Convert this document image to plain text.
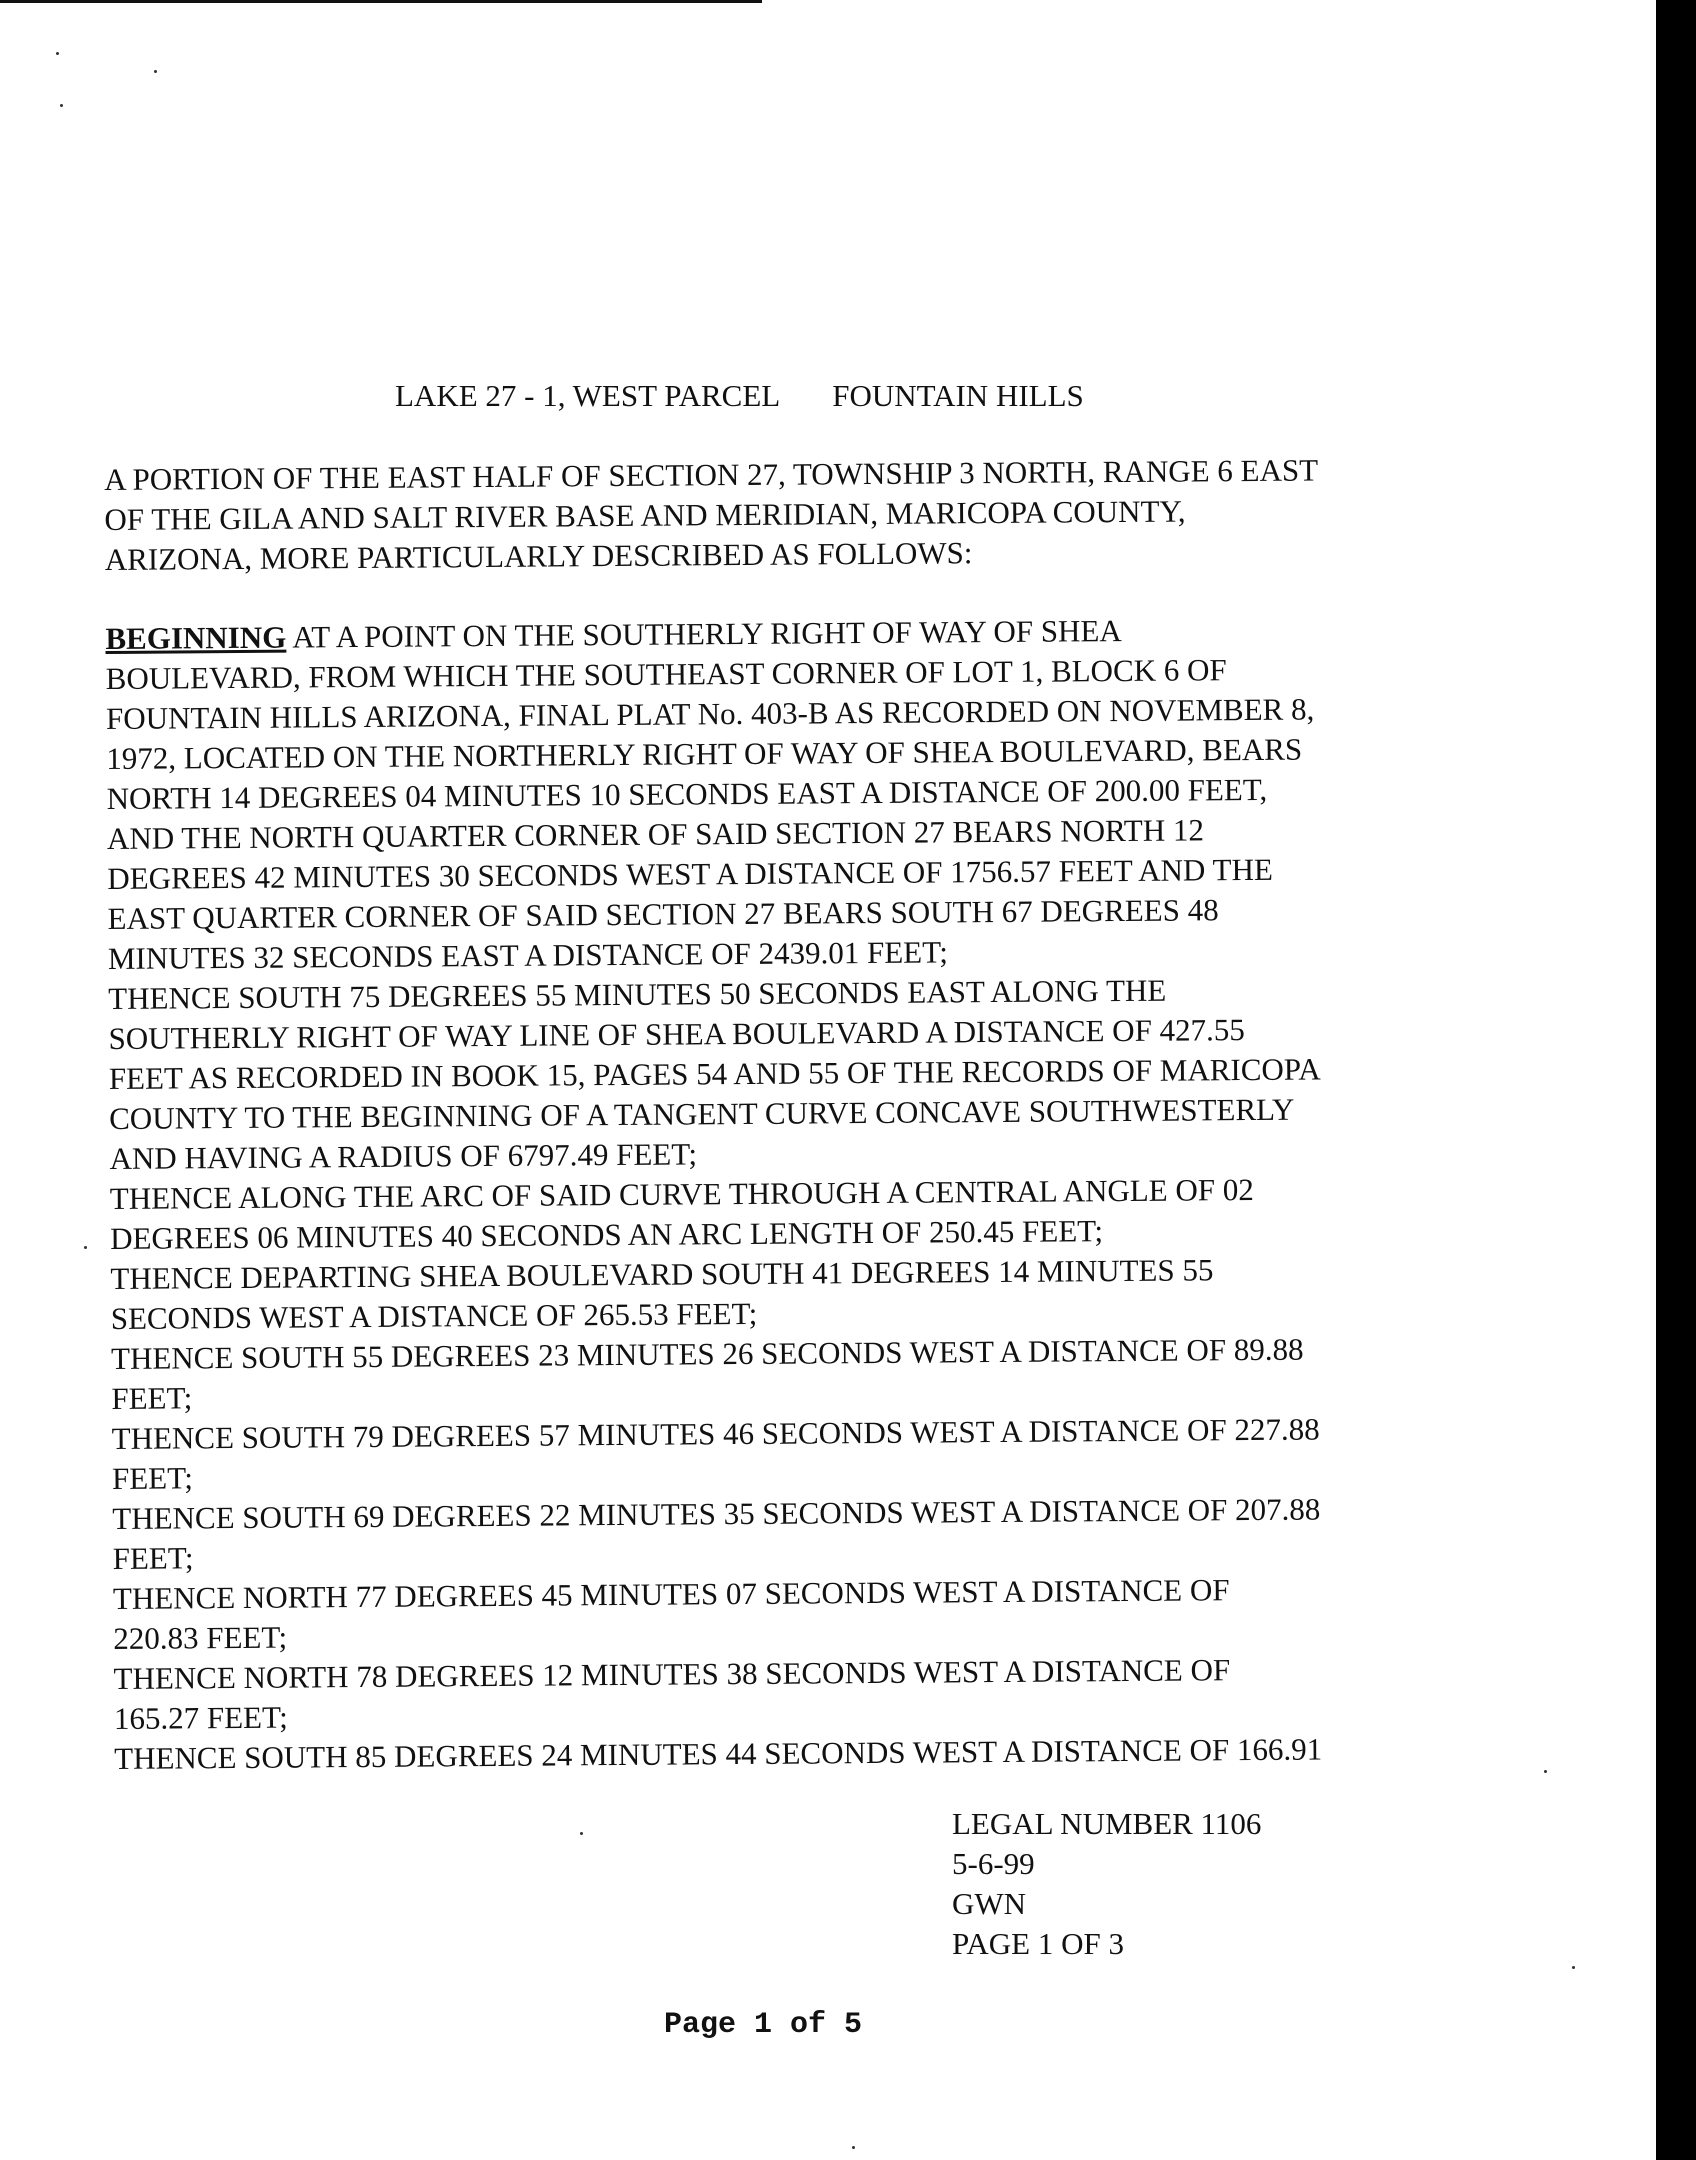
LAKE 27 - 1, WEST PARCEL FOUNTAIN HILLS
A PORTION OF THE EAST HALF OF SECTION 27, TOWNSHIP 3 NORTH, RANGE 6 EAST
OF THE GILA AND SALT RIVER BASE AND MERIDIAN, MARICOPA COUNTY,
ARIZONA, MORE PARTICULARLY DESCRIBED AS FOLLOWS:
BEGINNING AT A POINT ON THE SOUTHERLY RIGHT OF WAY OF SHEA
BOULEVARD, FROM WHICH THE SOUTHEAST CORNER OF LOT 1, BLOCK 6 OF
FOUNTAIN HILLS ARIZONA, FINAL PLAT No. 403-B AS RECORDED ON NOVEMBER 8,
1972, LOCATED ON THE NORTHERLY RIGHT OF WAY OF SHEA BOULEVARD, BEARS
NORTH 14 DEGREES 04 MINUTES 10 SECONDS EAST A DISTANCE OF 200.00 FEET,
AND THE NORTH QUARTER CORNER OF SAID SECTION 27 BEARS NORTH 12
DEGREES 42 MINUTES 30 SECONDS WEST A DISTANCE OF 1756.57 FEET AND THE
EAST QUARTER CORNER OF SAID SECTION 27 BEARS SOUTH 67 DEGREES 48
MINUTES 32 SECONDS EAST A DISTANCE OF 2439.01 FEET;
THENCE SOUTH 75 DEGREES 55 MINUTES 50 SECONDS EAST ALONG THE
SOUTHERLY RIGHT OF WAY LINE OF SHEA BOULEVARD A DISTANCE OF 427.55
FEET AS RECORDED IN BOOK 15, PAGES 54 AND 55 OF THE RECORDS OF MARICOPA
COUNTY TO THE BEGINNING OF A TANGENT CURVE CONCAVE SOUTHWESTERLY
AND HAVING A RADIUS OF 6797.49 FEET;
THENCE ALONG THE ARC OF SAID CURVE THROUGH A CENTRAL ANGLE OF 02
DEGREES 06 MINUTES 40 SECONDS AN ARC LENGTH OF 250.45 FEET;
THENCE DEPARTING SHEA BOULEVARD SOUTH 41 DEGREES 14 MINUTES 55
SECONDS WEST A DISTANCE OF 265.53 FEET;
THENCE SOUTH 55 DEGREES 23 MINUTES 26 SECONDS WEST A DISTANCE OF 89.88
FEET;
THENCE SOUTH 79 DEGREES 57 MINUTES 46 SECONDS WEST A DISTANCE OF 227.88
FEET;
THENCE SOUTH 69 DEGREES 22 MINUTES 35 SECONDS WEST A DISTANCE OF 207.88
FEET;
THENCE NORTH 77 DEGREES 45 MINUTES 07 SECONDS WEST A DISTANCE OF
220.83 FEET;
THENCE NORTH 78 DEGREES 12 MINUTES 38 SECONDS WEST A DISTANCE OF
165.27 FEET;
THENCE SOUTH 85 DEGREES 24 MINUTES 44 SECONDS WEST A DISTANCE OF 166.91
LEGAL NUMBER 1106
5-6-99
GWN
PAGE 1 OF 3
Page 1 of 5
